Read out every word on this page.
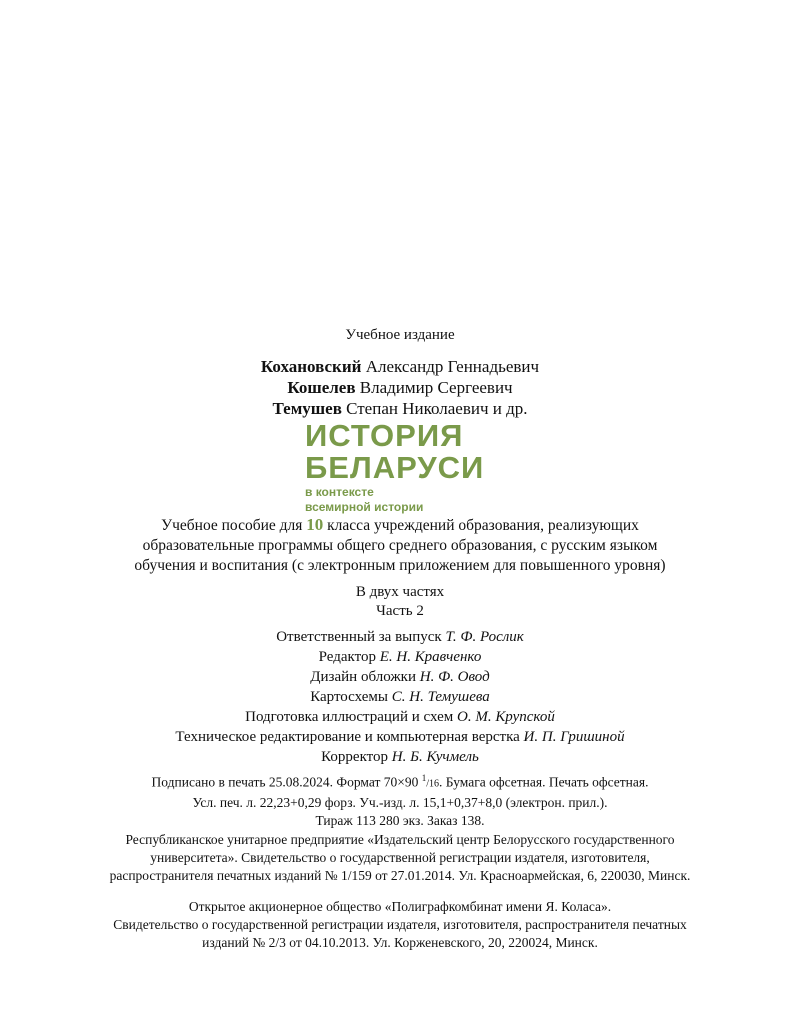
Учебное издание
Кохановский Александр Геннадьевич
Кошелев Владимир Сергеевич
Темушев Степан Николаевич и др.
ИСТОРИЯ
БЕЛАРУСИ
в контексте
всемирной истории
Учебное пособие для 10 класса учреждений образования, реализующих
образовательные программы общего среднего образования, с русским языком
обучения и воспитания (с электронным приложением для повышенного уровня)
В двух частях
Часть 2
Ответственный за выпуск Т. Ф. Рослик
Редактор Е. Н. Кравченко
Дизайн обложки Н. Ф. Овод
Картосхемы С. Н. Темушева
Подготовка иллюстраций и схем О. М. Крупской
Техническое редактирование и компьютерная верстка И. П. Гришиной
Корректор Н. Б. Кучмель
Подписано в печать 25.08.2024. Формат 70×90 $^1$/16. Бумага офсетная. Печать офсетная.
Усл. печ. л. 22,23+0,29 форз. Уч.-изд. л. 15,1+0,37+8,0 (электрон. прил.).
Тираж 113 280 экз. Заказ 138.
Республиканское унитарное предприятие «Издательский центр Белорусского государственного
университета». Свидетельство о государственной регистрации издателя, изготовителя,
распространителя печатных изданий № 1/159 от 27.01.2014. Ул. Красноармейская, 6, 220030, Минск.
Открытое акционерное общество «Полиграфкомбинат имени Я. Коласа».
Свидетельство о государственной регистрации издателя, изготовителя, распространителя печатных
изданий № 2/3 от 04.10.2013. Ул. Корженевского, 20, 220024, Минск.
